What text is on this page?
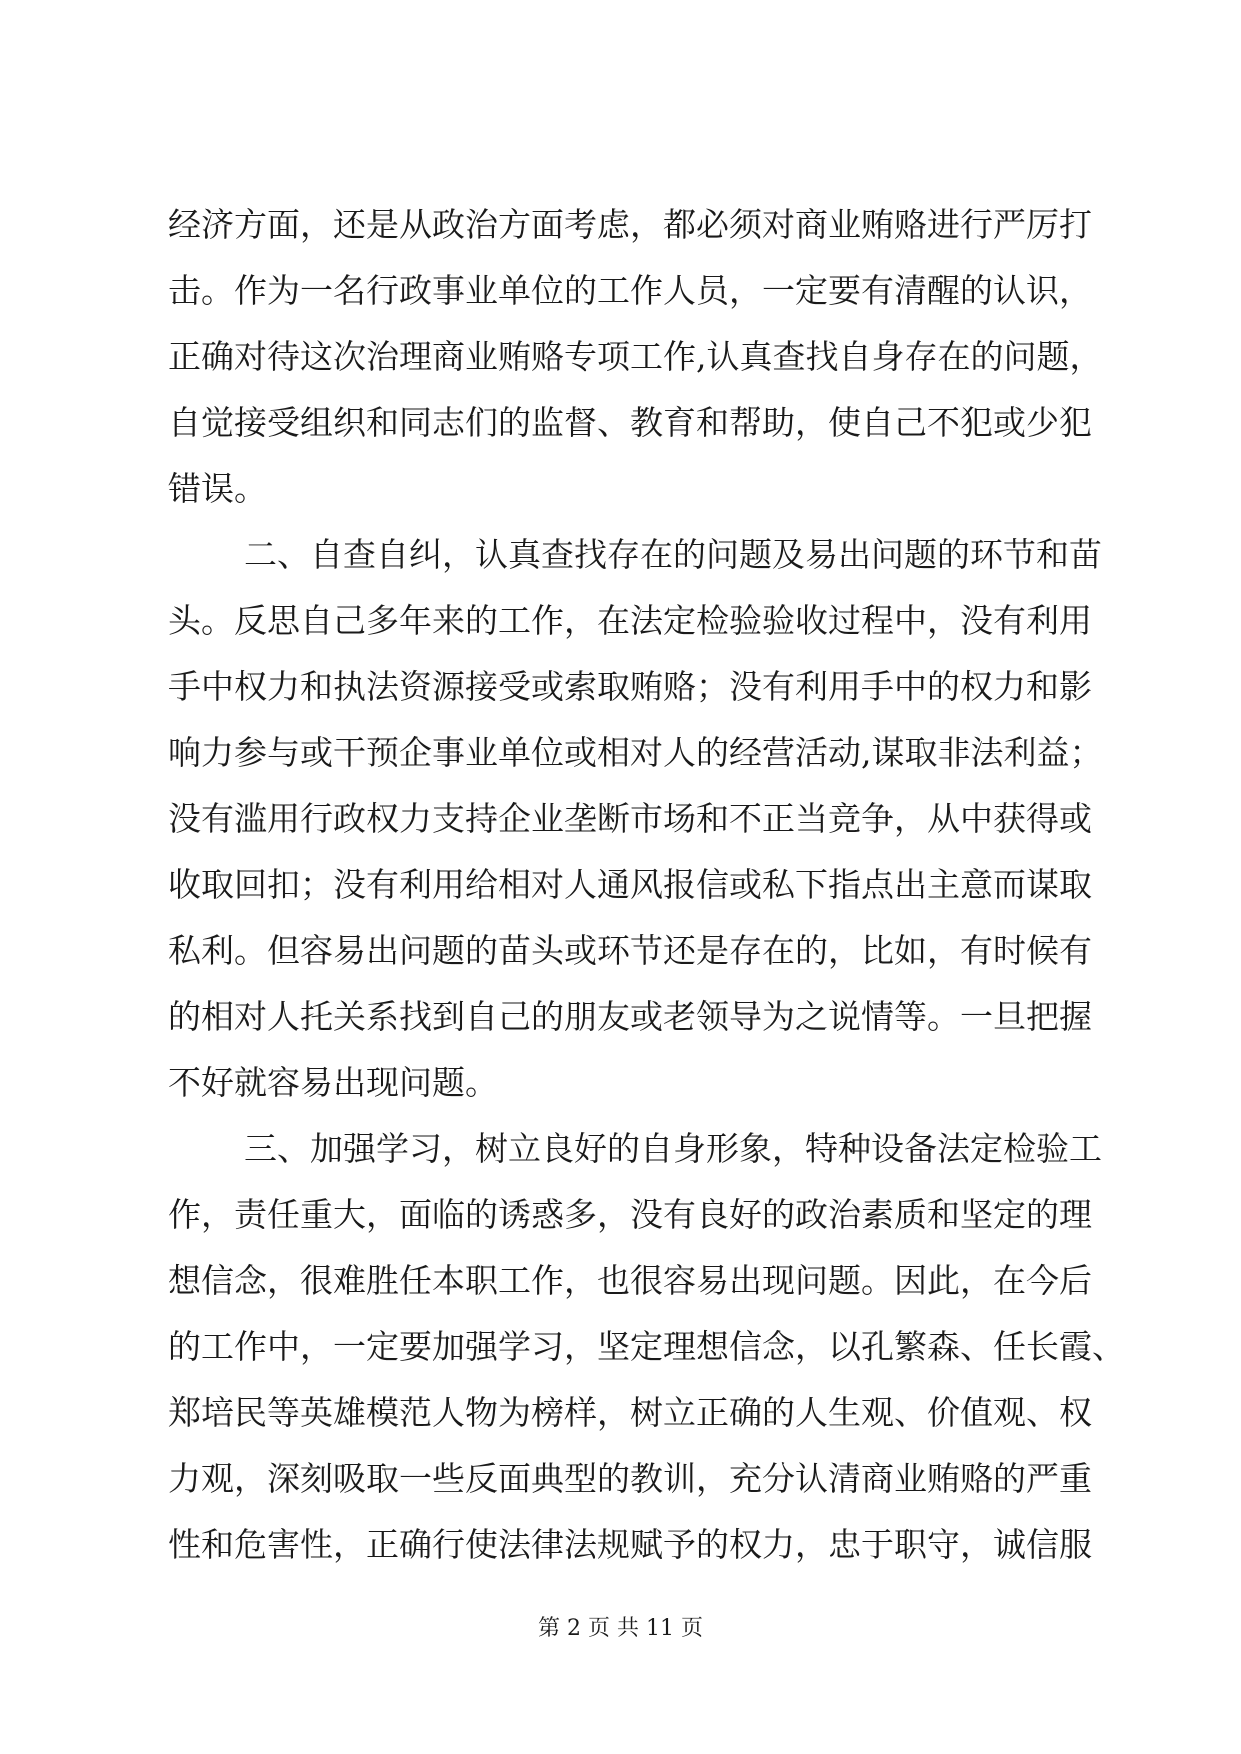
经济方面，还是从政治方面考虑，都必须对商业贿赂进行严厉打
击。作为一名行政事业单位的工作人员，一定要有清醒的认识，
正确对待这次治理商业贿赂专项工作,认真查找自身存在的问题，
自觉接受组织和同志们的监督、教育和帮助，使自己不犯或少犯
错误。
二、自查自纠，认真查找存在的问题及易出问题的环节和苗
头。反思自己多年来的工作，在法定检验验收过程中，没有利用
手中权力和执法资源接受或索取贿赂；没有利用手中的权力和影
响力参与或干预企事业单位或相对人的经营活动,谋取非法利益；
没有滥用行政权力支持企业垄断市场和不正当竞争，从中获得或
收取回扣；没有利用给相对人通风报信或私下指点出主意而谋取
私利。但容易出问题的苗头或环节还是存在的，比如，有时候有
的相对人托关系找到自己的朋友或老领导为之说情等。一旦把握
不好就容易出现问题。
三、加强学习，树立良好的自身形象，特种设备法定检验工
作，责任重大，面临的诱惑多，没有良好的政治素质和坚定的理
想信念，很难胜任本职工作，也很容易出现问题。因此，在今后
的工作中，一定要加强学习，坚定理想信念，以孔繁森、任长霞、
郑培民等英雄模范人物为榜样，树立正确的人生观、价值观、权
力观，深刻吸取一些反面典型的教训，充分认清商业贿赂的严重
性和危害性，正确行使法律法规赋予的权力，忠于职守，诚信服
第 2 页 共 11 页
